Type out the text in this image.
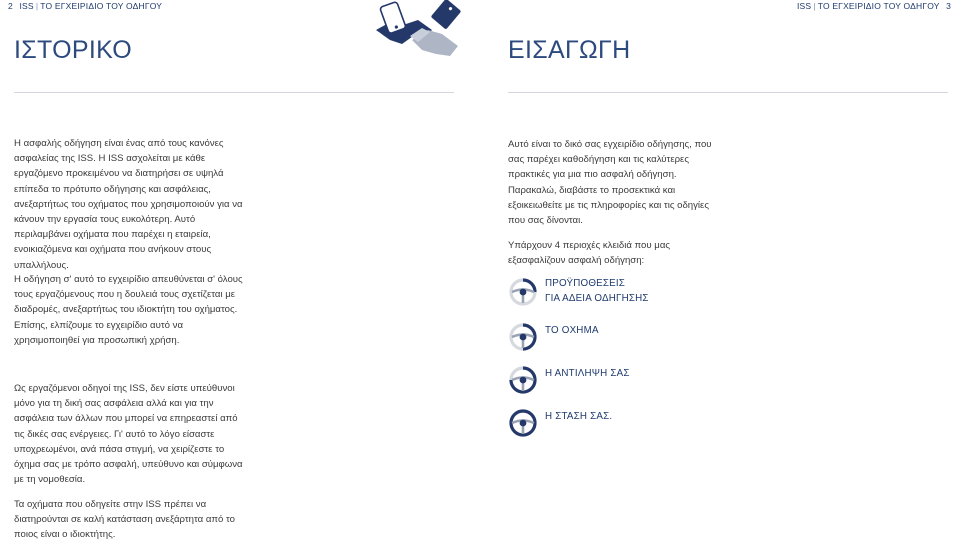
2 ISS | ΤΟ ΕΓΧΕΙΡΙΔΙΟ ΤΟΥ ΟΔΗΓΟΥ	ISS | ΤΟ ΕΓΧΕΙΡΙΔΙΟ ΤΟΥ ΟΔΗΓΟΥ 3
ΙΣΤΟΡΙΚΟ	ΕΙΣΑΓΩΓΗ

Η ασφαλής οδήγηση είναι ένας από τους κανόνες ασφαλείας της ISS. Η ISS ασχολείται με κάθε εργαζόμενο προκειμένου να διατηρήσει σε υψηλά επίπεδα το πρότυπο οδήγησης και ασφάλειας, ανεξαρτήτως του οχήματος που χρησιμοποιούν για να κάνουν την εργασία τους ευκολότερη. Αυτό περιλαμβάνει οχήματα που παρέχει η εταιρεία, ενοικιαζόμενα και οχήματα που ανήκουν στους υπαλλήλους.

Η οδήγηση σ' αυτό το εγχειρίδιο απευθύνεται σ' όλους τους εργαζόμενους που η δουλειά τους σχετίζεται με διαδρομές, ανεξαρτήτως του ιδιοκτήτη του οχήματος. Επίσης, ελπίζουμε το εγχειρίδιο αυτό να χρησιμοποιηθεί για προσωπική χρήση.

Ως εργαζόμενοι οδηγοί της ISS, δεν είστε υπεύθυνοι μόνο για τη δική σας ασφάλεια αλλά και για την ασφάλεια των άλλων που μπορεί να επηρεαστεί από τις δικές σας ενέργειες. Γι' αυτό το λόγο είσαστε υποχρεωμένοι, ανά πάσα στιγμή, να χειρίζεστε το όχημα σας με τρόπο ασφαλή, υπεύθυνο και σύμφωνα με τη νομοθεσία.

Τα οχήματα που οδηγείτε στην ISS πρέπει να διατηρούνται σε καλή κατάσταση ανεξάρτητα από το ποιος είναι ο ιδιοκτήτης.

Αυτό είναι το δικό σας εγχειρίδιο οδήγησης, που σας παρέχει καθοδήγηση και τις καλύτερες πρακτικές για μια πιο ασφαλή οδήγηση. Παρακαλώ, διαβάστε το προσεκτικά και εξοικειωθείτε με τις πληροφορίες και τις οδηγίες που σας δίνονται.

Υπάρχουν 4 περιοχές κλειδιά που μας εξασφαλίζουν ασφαλή οδήγηση:

ΠΡΟΫΠΟΘΕΣΕΙΣ
ΓΙΑ ΑΔΕΙΑ ΟΔΗΓΗΣΗΣ
ΤΟ ΟΧΗΜΑ
Η ΑΝΤΙΛΗΨΗ ΣΑΣ
Η ΣΤΑΣΗ ΣΑΣ.
